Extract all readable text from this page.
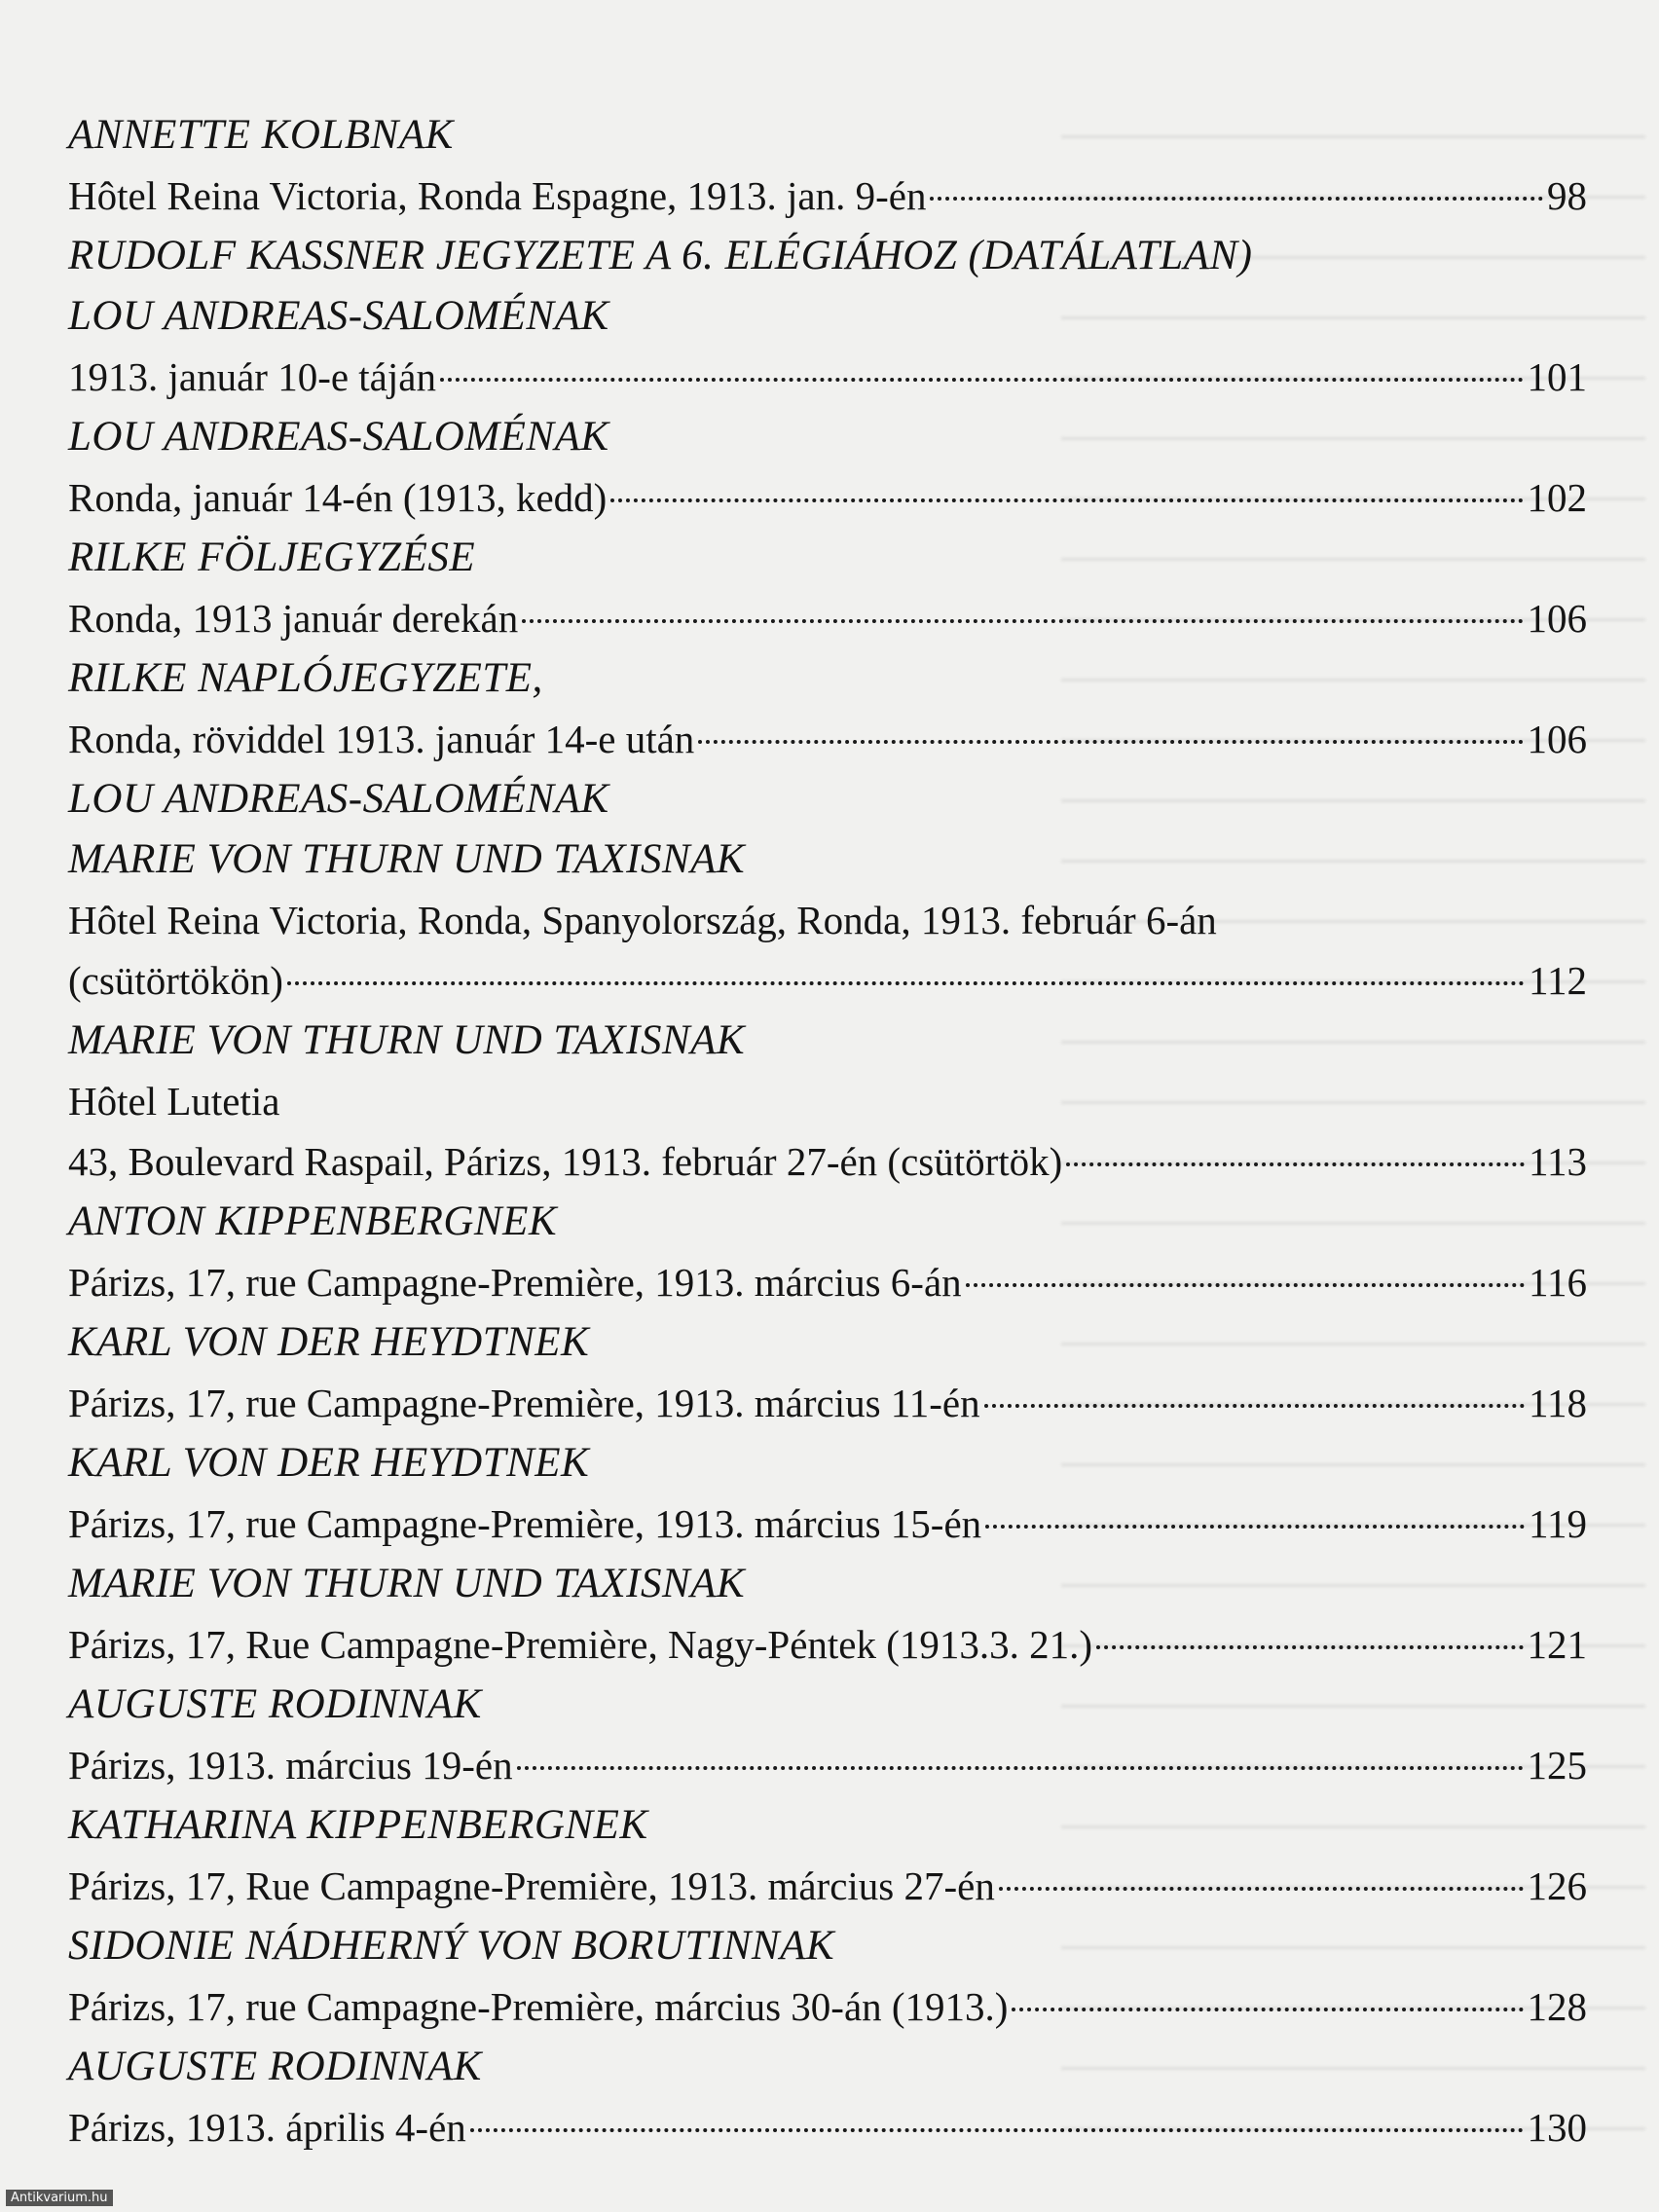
ANNETTE KOLBNAK
Hôtel Reina Victoria, Ronda Espagne, 1913. jan. 9-én	98
RUDOLF KASSNER JEGYZETE A 6. ELÉGIÁHOZ (DATÁLATLAN)
LOU ANDREAS-SALOMÉNAK
1913. január 10-e táján	101
LOU ANDREAS-SALOMÉNAK
Ronda, január 14-én (1913, kedd)	102
RILKE FÖLJEGYZÉSE
Ronda, 1913 január derekán	106
RILKE NAPLÓJEGYZETE,
Ronda, röviddel 1913. január 14-e után	106
LOU ANDREAS-SALOMÉNAK
MARIE VON THURN UND TAXISNAK
Hôtel Reina Victoria, Ronda, Spanyolország, Ronda, 1913. február 6-án
(csütörtökön)	112
MARIE VON THURN UND TAXISNAK
Hôtel Lutetia
43, Boulevard Raspail, Párizs, 1913. február 27-én (csütörtök)	113
ANTON KIPPENBERGNEK
Párizs, 17, rue Campagne-Première, 1913. március 6-án	116
KARL VON DER HEYDTNEK
Párizs, 17, rue Campagne-Première, 1913. március 11-én	118
KARL VON DER HEYDTNEK
Párizs, 17, rue Campagne-Première, 1913. március 15-én	119
MARIE VON THURN UND TAXISNAK
Párizs, 17, Rue Campagne-Première, Nagy-Péntek (1913.3. 21.)	121
AUGUSTE RODINNAK
Párizs, 1913. március 19-én	125
KATHARINA KIPPENBERGNEK
Párizs, 17, Rue Campagne-Première, 1913. március 27-én	126
SIDONIE NÁDHERNÝ VON BORUTINNAK
Párizs, 17, rue Campagne-Première, március 30-án (1913.)	128
AUGUSTE RODINNAK
Párizs, 1913. április 4-én	130
Antikvarium.hu
